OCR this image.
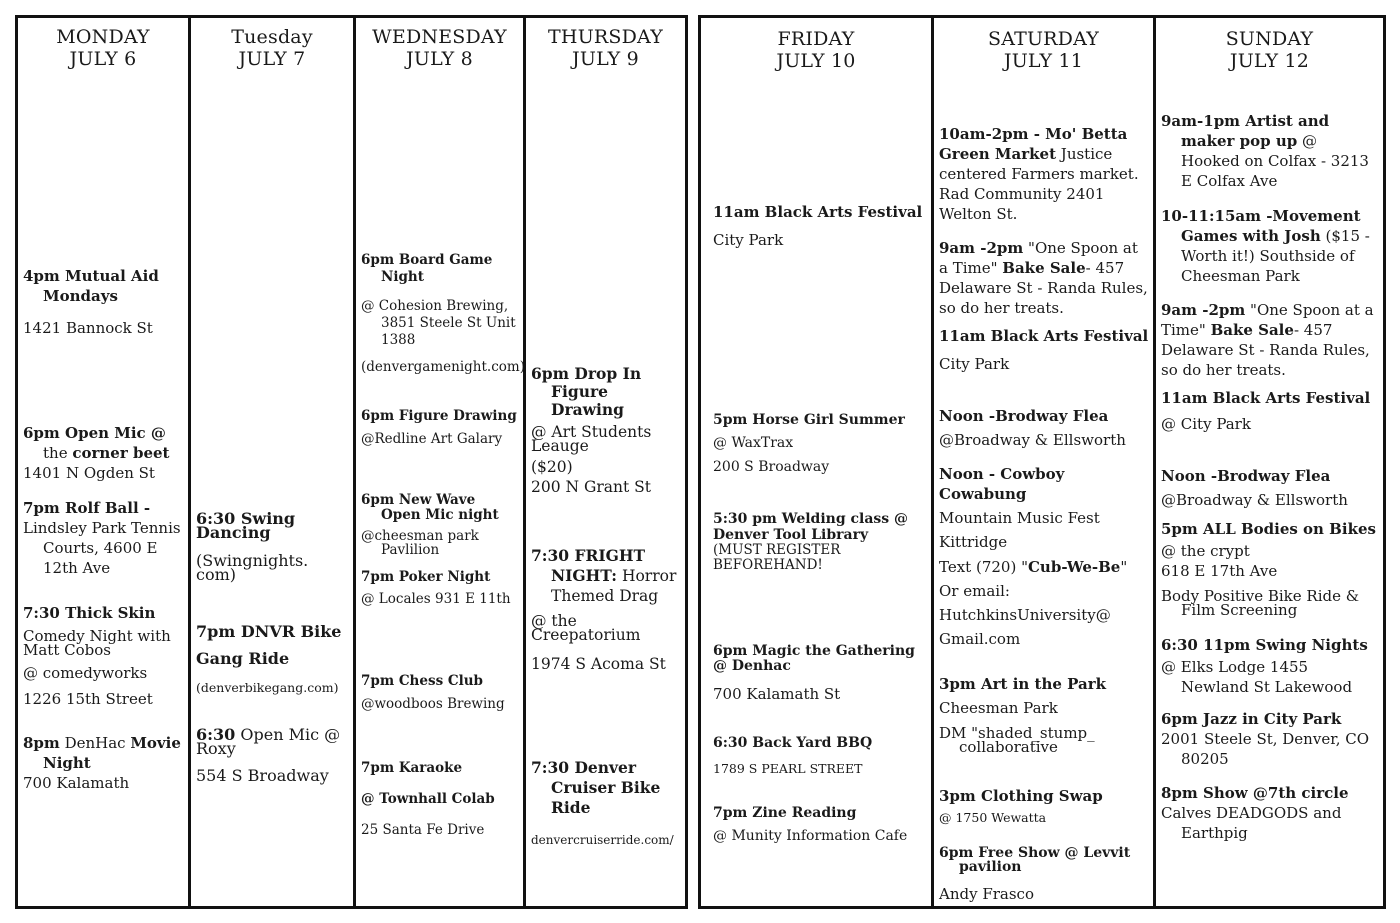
MONDAY
JULY 6

4pm Mutual Aid Mondays

1421 Bannock St

6pm Open Mic @ the corner beet

1401 N Ogden St

7pm Rolf Ball -

Lindsley Park Tennis Courts, 4600 E 12th Ave

7:30 Thick Skin

Comedy Night with Matt Cobos

@ comedyworks

1226 15th Street

8pm DenHac Movie Night

700 Kalamath

Tuesday
JULY 7

6:30 Swing Dancing

(Swingnights. com)

7pm DNVR Bike Gang Ride

(denverbikegang.com)

6:30 Open Mic @ Roxy

554 S Broadway

WEDNESDAY
JULY 8

6pm Board Game Night

@ Cohesion Brewing, 3851 Steele St Unit 1388

(denvergamenight.com)

6pm Figure Drawing

@Redline Art Galary

6pm New Wave Open Mic night

@cheesman park Pavlilion

7pm Poker Night

@ Locales 931 E 11th

7pm Chess Club

@woodboos Brewing

7pm Karaoke

@ Townhall Colab

25 Santa Fe Drive

THURSDAY
JULY 9

6pm Drop In Figure Drawing

@ Art Students Leauge

($20)

200 N Grant St

7:30 FRIGHT NIGHT: Horror Themed Drag

@ the Creepatorium

1974 S Acoma St

7:30 Denver Cruiser Bike Ride

denvercruiserride.com/

FRIDAY
JULY 10

11am Black Arts Festival

City Park

5pm Horse Girl Summer

@ WaxTrax

200 S Broadway

5:30 pm Welding class @ Denver Tool Library

(MUST REGISTER BEFOREHAND!

6pm Magic the Gathering @ Denhac

700 Kalamath St

6:30 Back Yard BBQ

1789 S PEARL STREET

7pm Zine Reading

@ Munity Information Cafe

SATURDAY
JULY 11

10am-2pm - Mo' Betta Green Market Justice centered Farmers market. Rad Community 2401 Welton St.

9am -2pm "One Spoon at a Time" Bake Sale- 457 Delaware St - Randa Rules, so do her treats.

11am Black Arts Festival

City Park

Noon -Brodway Flea

@Broadway & Ellsworth

Noon - Cowboy Cowabung

Mountain Music Fest

Kittridge

Text (720) "Cub-We-Be"

Or email:

HutchkinsUniversity@

Gmail.com

3pm Art in the Park

Cheesman Park

DM "shaded_stump_ collaborative

3pm Clothing Swap

@ 1750 Wewatta

6pm Free Show @ Levvit pavilion

Andy Frasco

SUNDAY
JULY 12

9am-1pm Artist and maker pop up @ Hooked on Colfax - 3213 E Colfax Ave

10-11:15am -Movement Games with Josh ($15 - Worth it!) Southside of Cheesman Park

9am -2pm "One Spoon at a Time" Bake Sale- 457 Delaware St - Randa Rules, so do her treats.

11am Black Arts Festival

@ City Park

Noon -Brodway Flea

@Broadway & Ellsworth

5pm ALL Bodies on Bikes

@ the crypt

618 E 17th Ave

Body Positive Bike Ride & Film Screening

6:30 11pm Swing Nights

@ Elks Lodge 1455 Newland St Lakewood

6pm Jazz in City Park

2001 Steele St, Denver, CO 80205

8pm Show @7th circle

Calves DEADGODS and Earthpig
